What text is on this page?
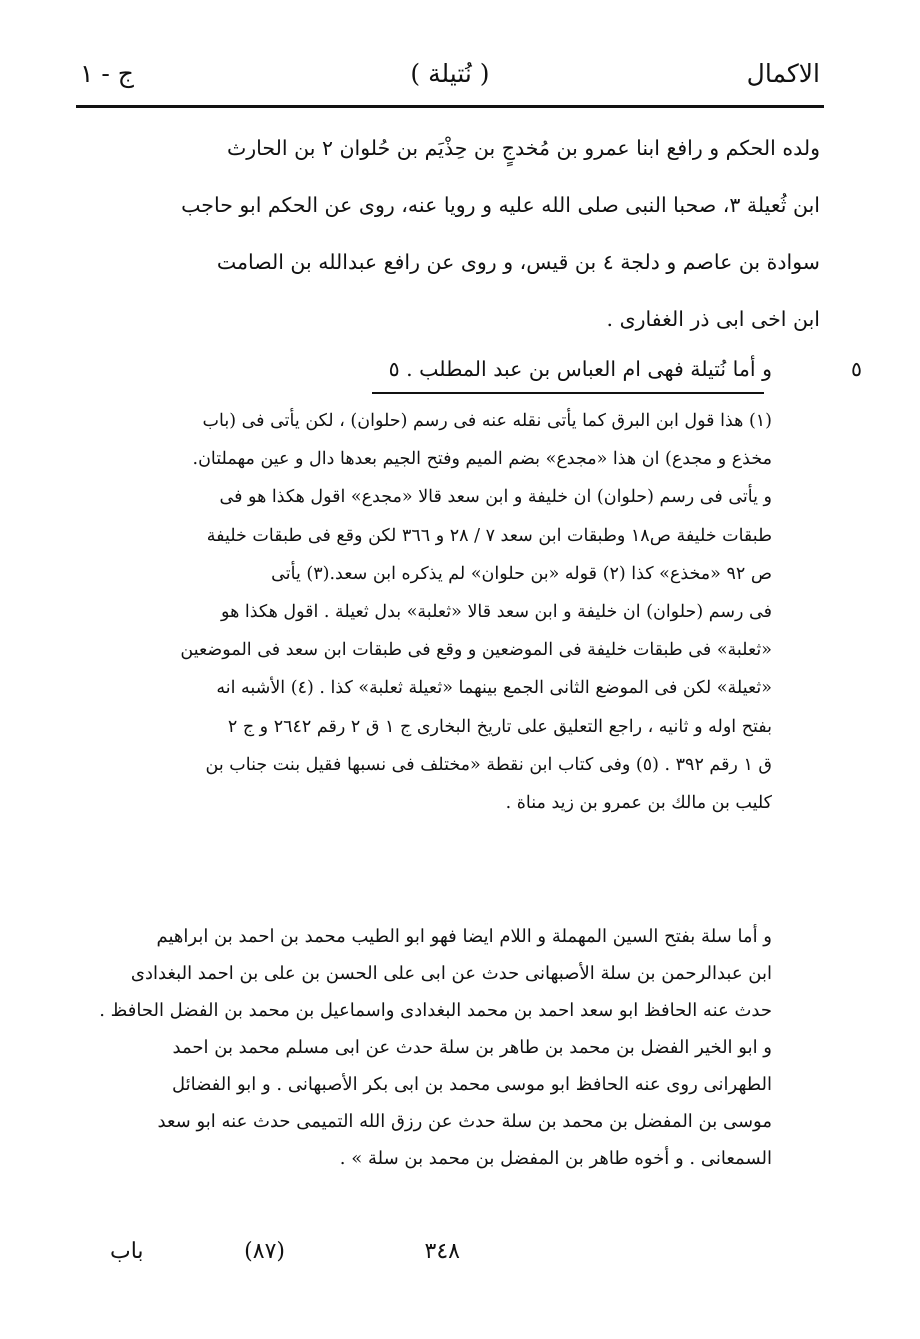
الاكمال
( نُتيلة )
ج - ١

ولده الحكم و رافع ابنا عمرو بن مُخدجٍ بن حِذْيَم بن حُلوان ٢ بن الحارث

ابن ثُعيلة ٣، صحبا النبى صلى الله عليه و رويا عنه، روى عن الحكم ابو حاجب

سوادة بن عاصم و دلجة ٤ بن قيس، و روى عن رافع عبدالله بن الصامت

ابن اخى ابى ذر الغفارى .

٥
و أما نُتيلة فهى ام العباس بن عبد المطلب . ٥

(١) هذا قول ابن البرق كما يأتى نقله عنه فى رسم (حلوان) ، لكن يأتى فى (باب

مخذع و مجدع) ان هذا «مجدع» بضم الميم وفتح الجيم بعدها دال و عين مهملتان.

و يأتى فى رسم (حلوان) ان خليفة و ابن سعد قالا «مجدع» اقول هكذا هو فى

طبقات خليفة ص١٨ وطبقات ابن سعد ٧ / ٢٨ و ٣٦٦ لكن وقع فى طبقات خليفة

ص ٩٢ «مخذع» كذا (٢) قوله «بن حلوان» لم يذكره ابن سعد.(٣) يأتى

فى رسم (حلوان) ان خليفة و ابن سعد قالا «ثعلبة» بدل ثعيلة . اقول هكذا هو

«ثعلبة» فى طبقات خليفة فى الموضعين و وقع فى طبقات ابن سعد فى الموضعين

«ثعيلة» لكن فى الموضع الثانى الجمع بينهما «ثعيلة ثعلبة» كذا . (٤) الأشبه انه

بفتح اوله و ثانيه ، راجع التعليق على تاريخ البخارى ج ١ ق ٢ رقم ٢٦٤٢ و ج ٢

ق ١ رقم ٣٩٢ . (٥) وفى كتاب ابن نقطة «مختلف فى نسبها فقيل بنت جناب بن

كليب بن مالك بن عمرو بن زيد مناة .

و أما سلة بفتح السين المهملة و اللام ايضا فهو ابو الطيب محمد بن احمد بن ابراهيم

ابن عبدالرحمن بن سلة الأصبهانى حدث عن ابى على الحسن بن على بن احمد البغدادى

حدث عنه الحافظ ابو سعد احمد بن محمد البغدادى واسماعيل بن محمد بن الفضل الحافظ .

و ابو الخير الفضل بن محمد بن طاهر بن سلة حدث عن ابى مسلم محمد بن احمد

الطهرانى روى عنه الحافظ ابو موسى محمد بن ابى بكر الأصبهانى . و ابو الفضائل

موسى بن المفضل بن محمد بن سلة حدث عن رزق الله التميمى حدث عنه ابو سعد

السمعانى . و أخوه طاهر بن المفضل بن محمد بن سلة » .

٣٤٨
(٨٧)
باب
